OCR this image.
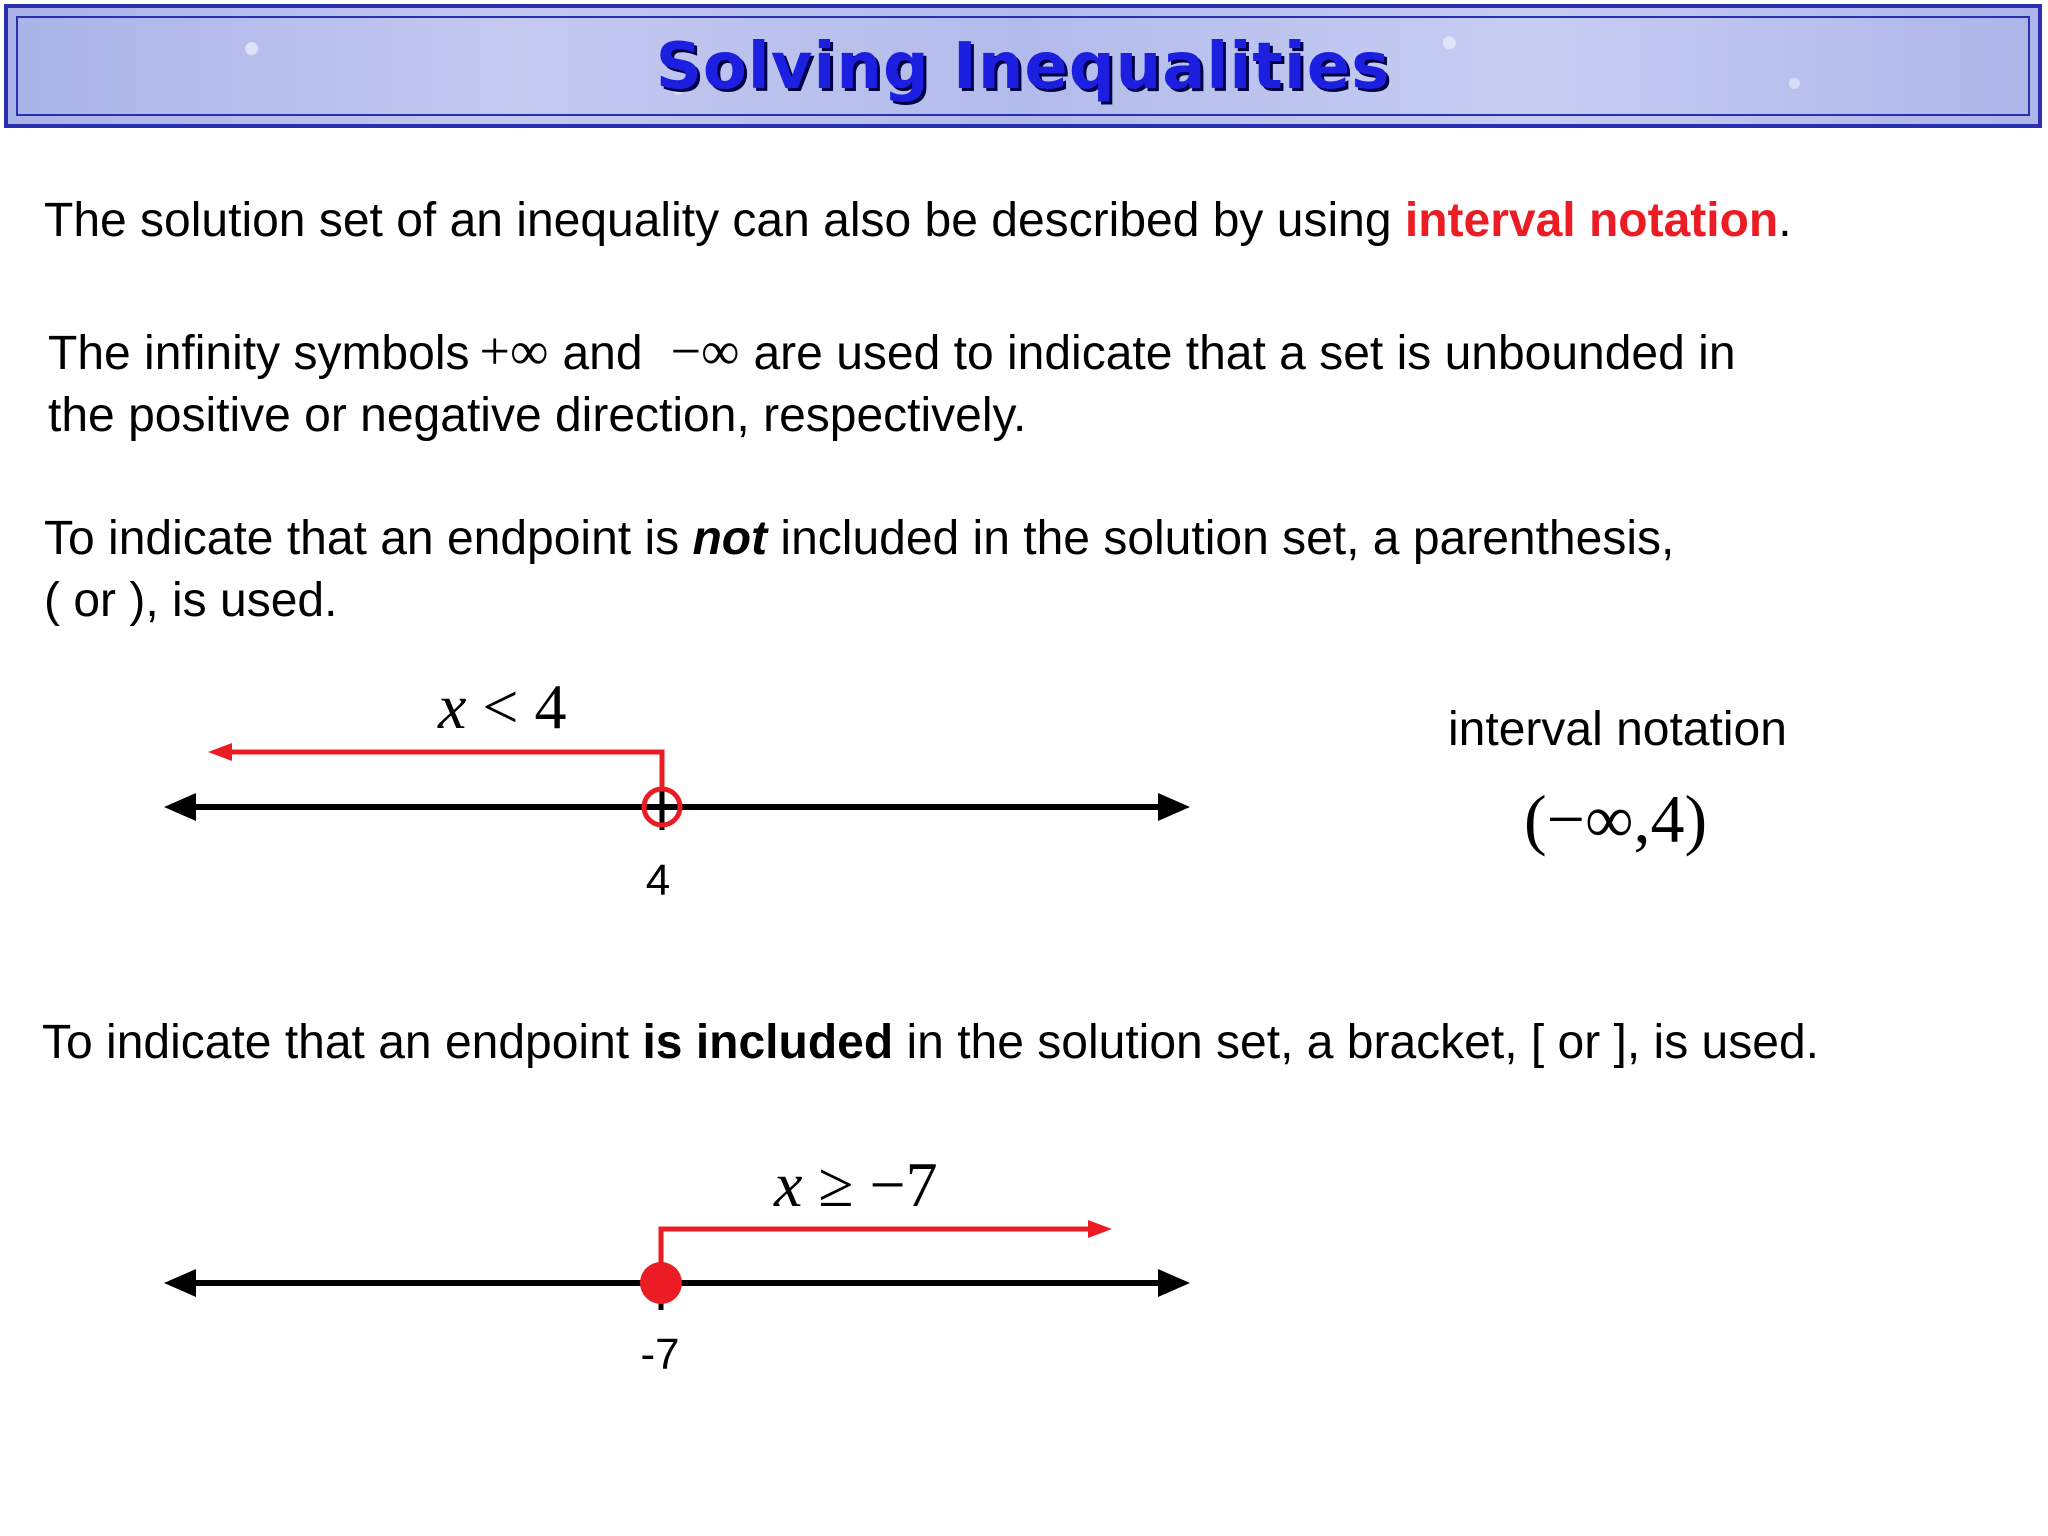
Solving Inequalities
The solution set of an inequality can also be described by using interval notation.
The infinity symbols +∞ and −∞ are used to indicate that a set is unbounded in
the positive or negative direction, respectively.
To indicate that an endpoint is not included in the solution set, a parenthesis,
( or ), is used.
x < 4
4
interval notation
(−∞,4)
To indicate that an endpoint is included in the solution set, a bracket, [ or ], is used.
x ≥ −7
-7
